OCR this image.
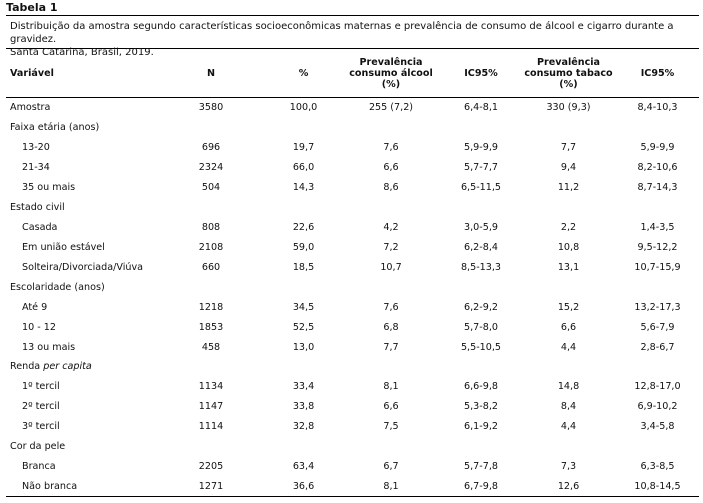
Tabela 1
Distribuição da amostra segundo características socioeconômicas maternas e prevalência de consumo de álcool e cigarro durante a gravidez.
Santa Catarina, Brasil, 2019.
Variável	N	%	Prevalência consumo álcool (%)	IC95%	Prevalência consumo tabaco (%)	IC95%
Amostra	3580	100,0	255 (7,2)	6,4-8,1	330 (9,3)	8,4-10,3
Faixa etária (anos)						
13-20	696	19,7	7,6	5,9-9,9	7,7	5,9-9,9
21-34	2324	66,0	6,6	5,7-7,7	9,4	8,2-10,6
35 ou mais	504	14,3	8,6	6,5-11,5	11,2	8,7-14,3
Estado civil						
Casada	808	22,6	4,2	3,0-5,9	2,2	1,4-3,5
Em união estável	2108	59,0	7,2	6,2-8,4	10,8	9,5-12,2
Solteira/Divorciada/Viúva	660	18,5	10,7	8,5-13,3	13,1	10,7-15,9
Escolaridade (anos)						
Até 9	1218	34,5	7,6	6,2-9,2	15,2	13,2-17,3
10 - 12	1853	52,5	6,8	5,7-8,0	6,6	5,6-7,9
13 ou mais	458	13,0	7,7	5,5-10,5	4,4	2,8-6,7
Renda per capita						
1º tercil	1134	33,4	8,1	6,6-9,8	14,8	12,8-17,0
2º tercil	1147	33,8	6,6	5,3-8,2	8,4	6,9-10,2
3º tercil	1114	32,8	7,5	6,1-9,2	4,4	3,4-5,8
Cor da pele						
Branca	2205	63,4	6,7	5,7-7,8	7,3	6,3-8,5
Não branca	1271	36,6	8,1	6,7-9,8	12,6	10,8-14,5
